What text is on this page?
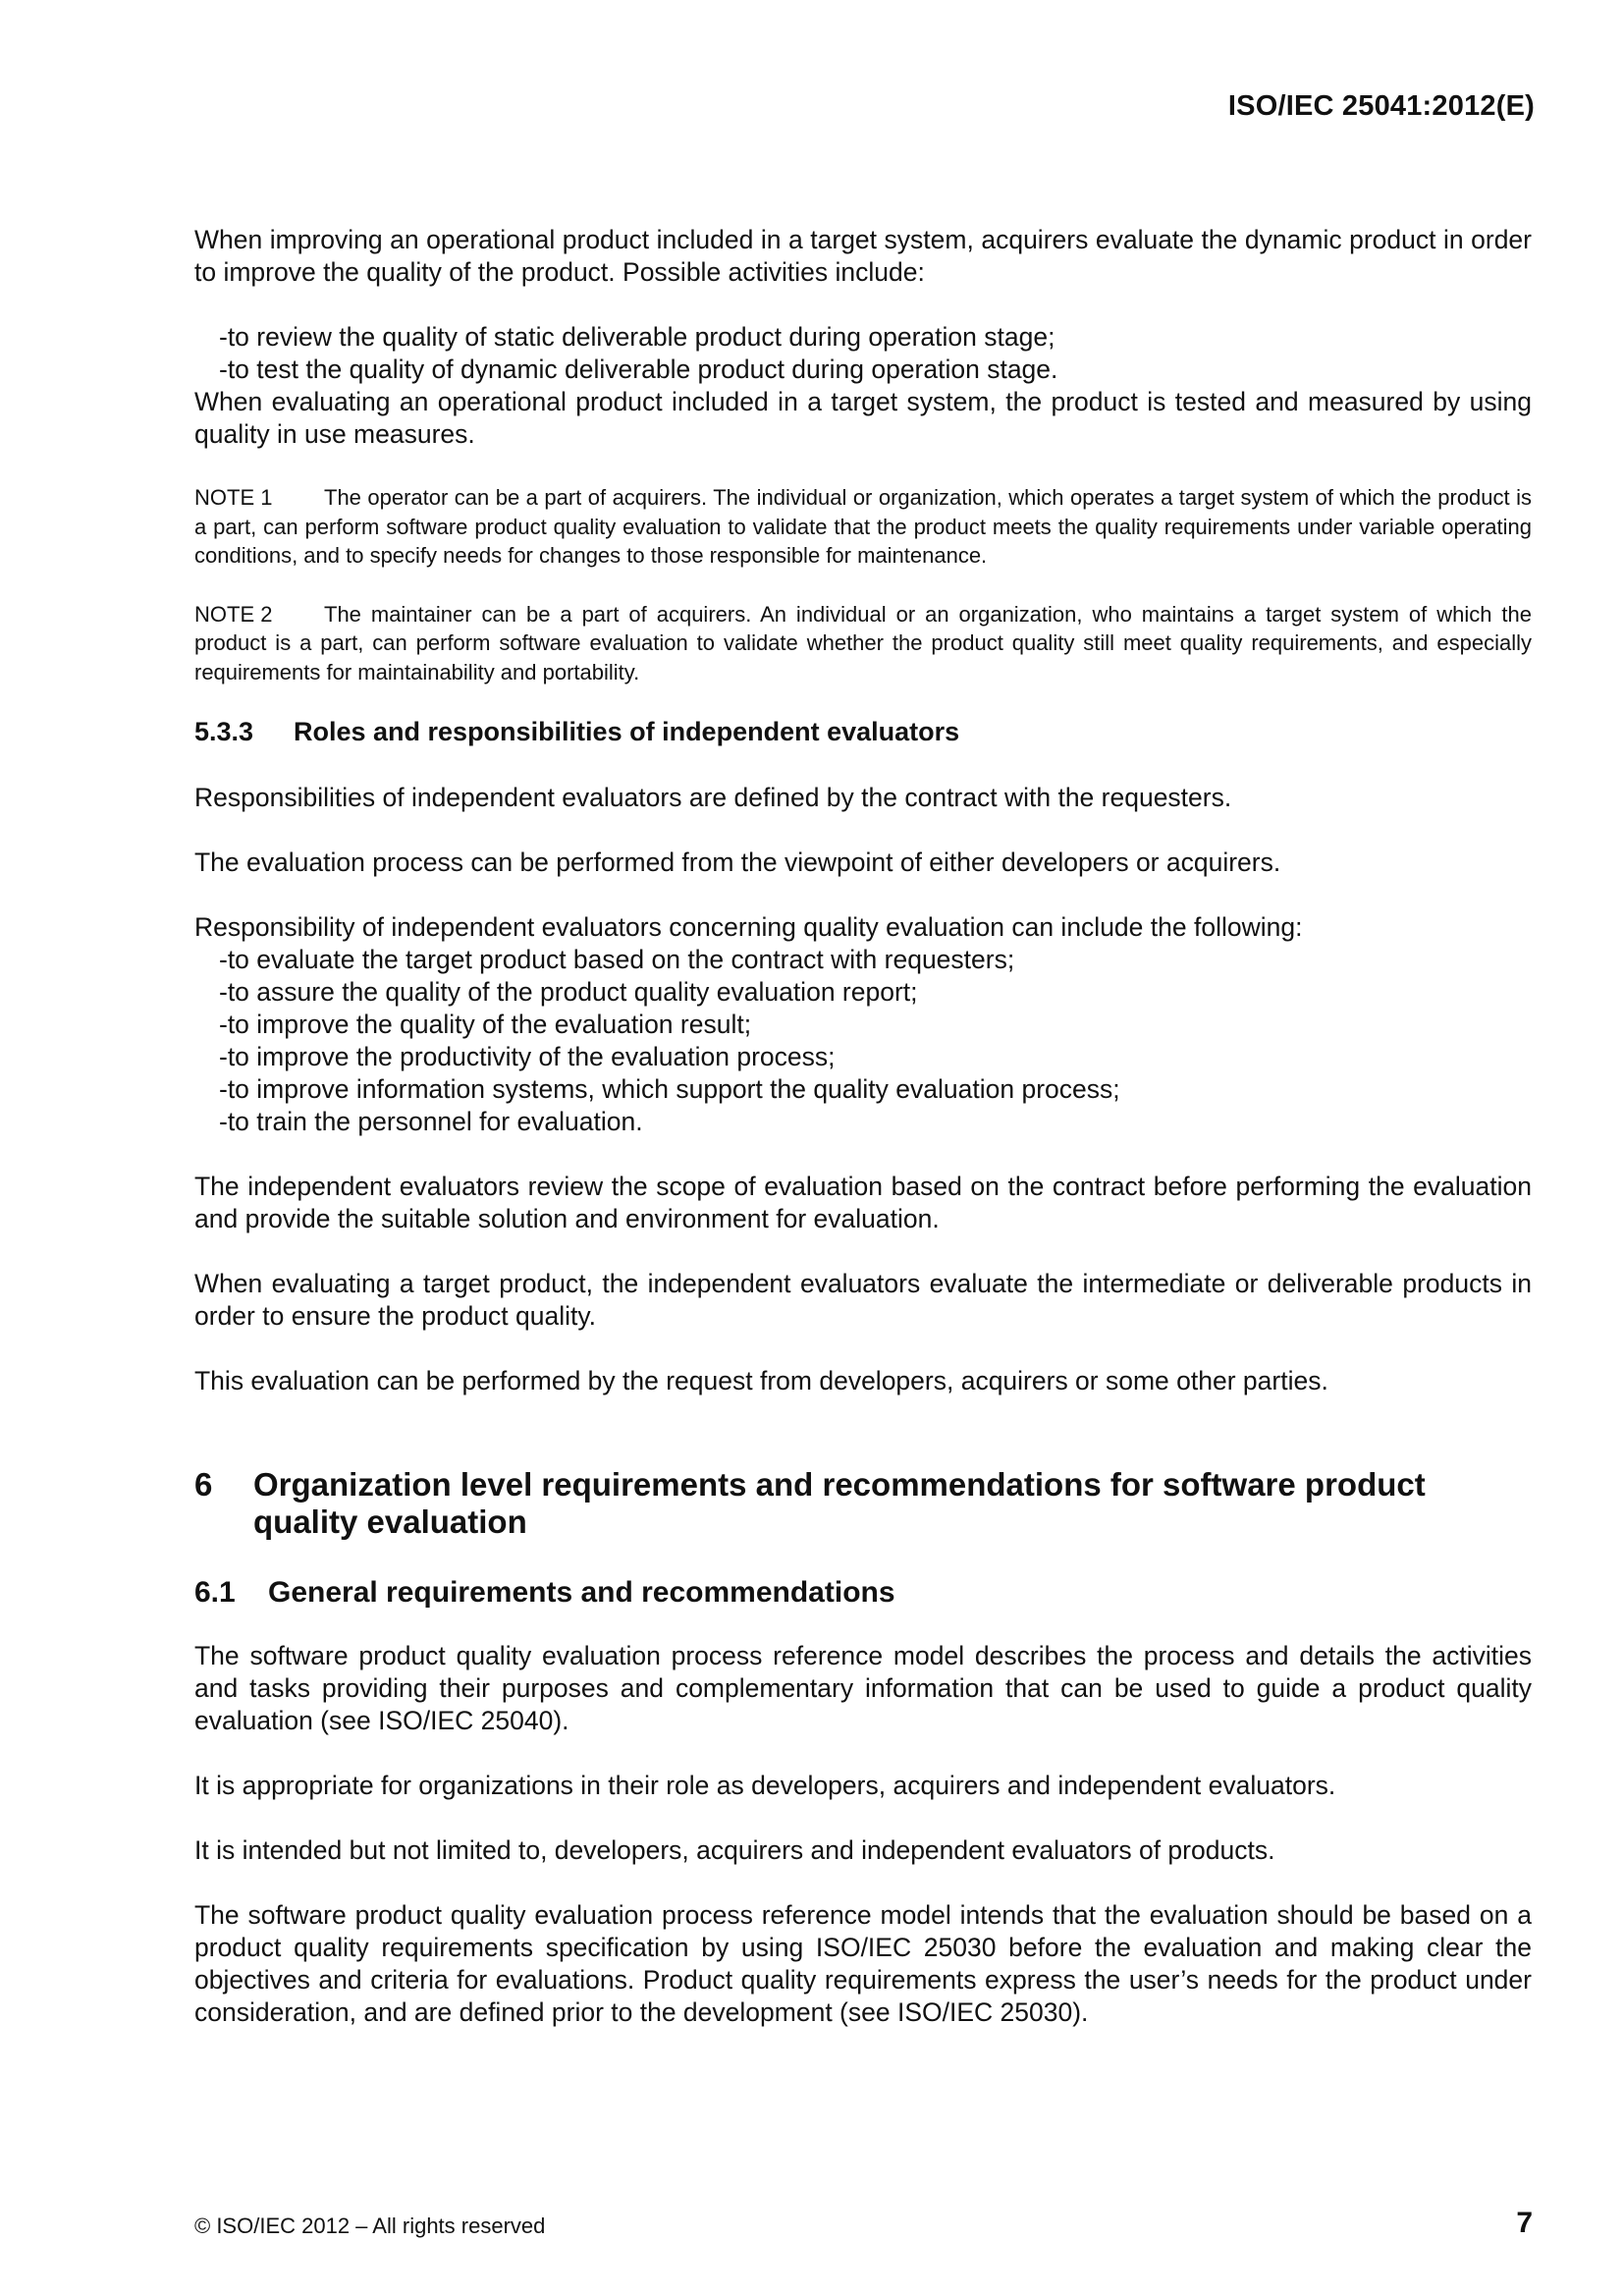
ISO/IEC 25041:2012(E)

When improving an operational product included in a target system, acquirers evaluate the dynamic product in order to improve the quality of the product. Possible activities include:

-to review the quality of static deliverable product during operation stage;
-to test the quality of dynamic deliverable product during operation stage.

When evaluating an operational product included in a target system, the product is tested and measured by using quality in use measures.

NOTE 1 The operator can be a part of acquirers. The individual or organization, which operates a target system of which the product is a part, can perform software product quality evaluation to validate that the product meets the quality requirements under variable operating conditions, and to specify needs for changes to those responsible for maintenance.
NOTE 2 The maintainer can be a part of acquirers. An individual or an organization, who maintains a target system of which the product is a part, can perform software evaluation to validate whether the product quality still meet quality requirements, and especially requirements for maintainability and portability.
5.3.3 Roles and responsibilities of independent evaluators

Responsibilities of independent evaluators are defined by the contract with the requesters.

The evaluation process can be performed from the viewpoint of either developers or acquirers.

Responsibility of independent evaluators concerning quality evaluation can include the following:

-to evaluate the target product based on the contract with requesters;
-to assure the quality of the product quality evaluation report;
-to improve the quality of the evaluation result;
-to improve the productivity of the evaluation process;
-to improve information systems, which support the quality evaluation process;
-to train the personnel for evaluation.

The independent evaluators review the scope of evaluation based on the contract before performing the evaluation and provide the suitable solution and environment for evaluation.

When evaluating a target product, the independent evaluators evaluate the intermediate or deliverable products in order to ensure the product quality.

This evaluation can be performed by the request from developers, acquirers or some other parties.

6 Organization level requirements and recommendations for software product quality evaluation
6.1 General requirements and recommendations

The software product quality evaluation process reference model describes the process and details the activities and tasks providing their purposes and complementary information that can be used to guide a product quality evaluation (see ISO/IEC 25040).

It is appropriate for organizations in their role as developers, acquirers and independent evaluators.

It is intended but not limited to, developers, acquirers and independent evaluators of products.

The software product quality evaluation process reference model intends that the evaluation should be based on a product quality requirements specification by using ISO/IEC 25030 before the evaluation and making clear the objectives and criteria for evaluations. Product quality requirements express the user’s needs for the product under consideration, and are defined prior to the development (see ISO/IEC 25030).

© ISO/IEC 2012 – All rights reserved	7
